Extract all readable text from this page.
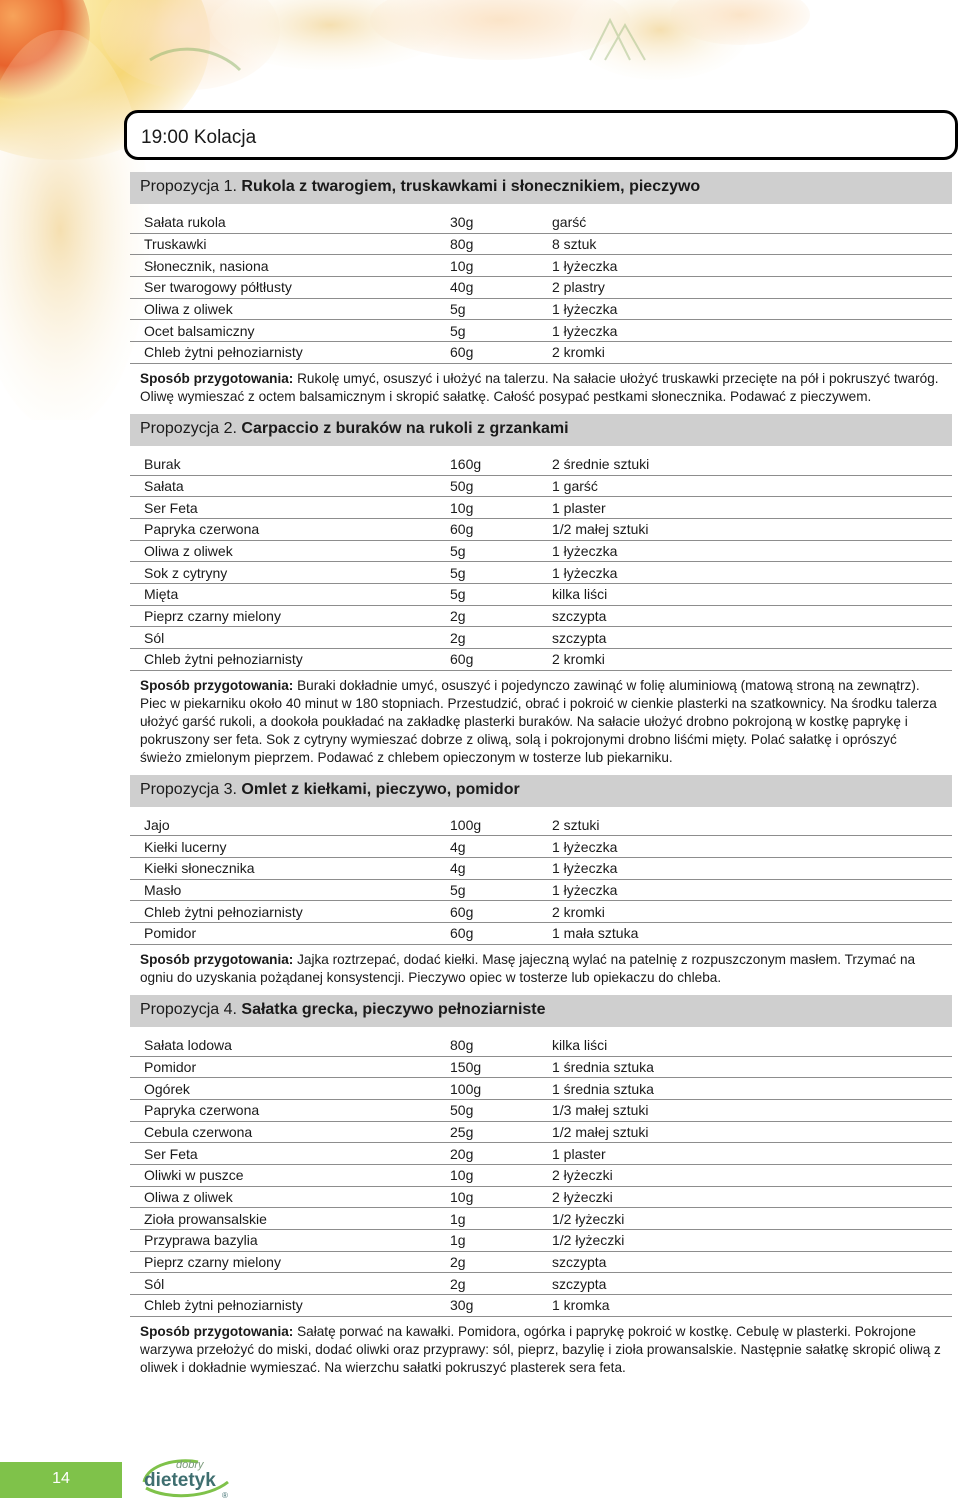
19:00 Kolacja
Propozycja 1. Rukola z twarogiem, truskawkami i słonecznikiem, pieczywo
Sałata rukola	30g	garść
Truskawki	80g	8 sztuk
Słonecznik, nasiona	10g	1 łyżeczka
Ser twarogowy półtłusty	40g	2 plastry
Oliwa z oliwek	5g	1 łyżeczka
Ocet balsamiczny	5g	1 łyżeczka
Chleb żytni pełnoziarnisty	60g	2 kromki
Sposób przygotowania: Rukolę umyć, osuszyć i ułożyć na talerzu. Na sałacie ułożyć truskawki przecięte na pół i pokruszyć twaróg. Oliwę wymieszać z octem balsamicznym i skropić sałatkę. Całość posypać pestkami słonecznika. Podawać z pieczywem.
Propozycja 2. Carpaccio z buraków na rukoli z grzankami
Burak	160g	2 średnie sztuki
Sałata	50g	1 garść
Ser Feta	10g	1 plaster
Papryka czerwona	60g	1/2 małej sztuki
Oliwa z oliwek	5g	1 łyżeczka
Sok z cytryny	5g	1 łyżeczka
Mięta	5g	kilka liści
Pieprz czarny mielony	2g	szczypta
Sól	2g	szczypta
Chleb żytni pełnoziarnisty	60g	2 kromki
Sposób przygotowania: Buraki dokładnie umyć, osuszyć i pojedynczo zawinąć w folię aluminiową (matową stroną na zewnątrz). Piec w piekarniku około 40 minut w 180 stopniach. Przestudzić, obrać i pokroić w cienkie plasterki na szatkownicy. Na środku talerza ułożyć garść rukoli, a dookoła poukładać na zakładkę plasterki buraków. Na sałacie ułożyć drobno pokrojoną w kostkę paprykę i pokruszony ser feta. Sok z cytryny wymieszać dobrze z oliwą, solą i pokrojonymi drobno liśćmi mięty. Polać sałatkę i oprószyć świeżo zmielonym pieprzem. Podawać z chlebem opieczonym w tosterze lub piekarniku.
Propozycja 3. Omlet z kiełkami, pieczywo, pomidor
Jajo	100g	2 sztuki
Kiełki lucerny	4g	1 łyżeczka
Kiełki słonecznika	4g	1 łyżeczka
Masło	5g	1 łyżeczka
Chleb żytni pełnoziarnisty	60g	2 kromki
Pomidor	60g	1 mała sztuka
Sposób przygotowania: Jajka roztrzepać, dodać kiełki. Masę jajeczną wylać na patelnię z rozpuszczonym masłem. Trzymać na ogniu do uzyskania pożądanej konsystencji. Pieczywo opiec w tosterze lub opiekaczu do chleba.
Propozycja 4. Sałatka grecka, pieczywo pełnoziarniste
Sałata lodowa	80g	kilka liści
Pomidor	150g	1 średnia sztuka
Ogórek	100g	1 średnia sztuka
Papryka czerwona	50g	1/3 małej sztuki
Cebula czerwona	25g	1/2 małej sztuki
Ser Feta	20g	1 plaster
Oliwki w puszce	10g	2 łyżeczki
Oliwa z oliwek	10g	2 łyżeczki
Zioła prowansalskie	1g	1/2 łyżeczki
Przyprawa bazylia	1g	1/2 łyżeczki
Pieprz czarny mielony	2g	szczypta
Sól	2g	szczypta
Chleb żytni pełnoziarnisty	30g	1 kromka
Sposób przygotowania: Sałatę porwać na kawałki. Pomidora, ogórka i paprykę pokroić w kostkę. Cebulę w plasterki. Pokrojone warzywa przełożyć do miski, dodać oliwki oraz przyprawy: sól, pieprz, bazylię i zioła prowansalskie. Następnie sałatkę skropić oliwą z oliwek i dokładnie wymieszać. Na wierzchu sałatki pokruszyć plasterek sera feta.
14
dobry
dietetyk
®
